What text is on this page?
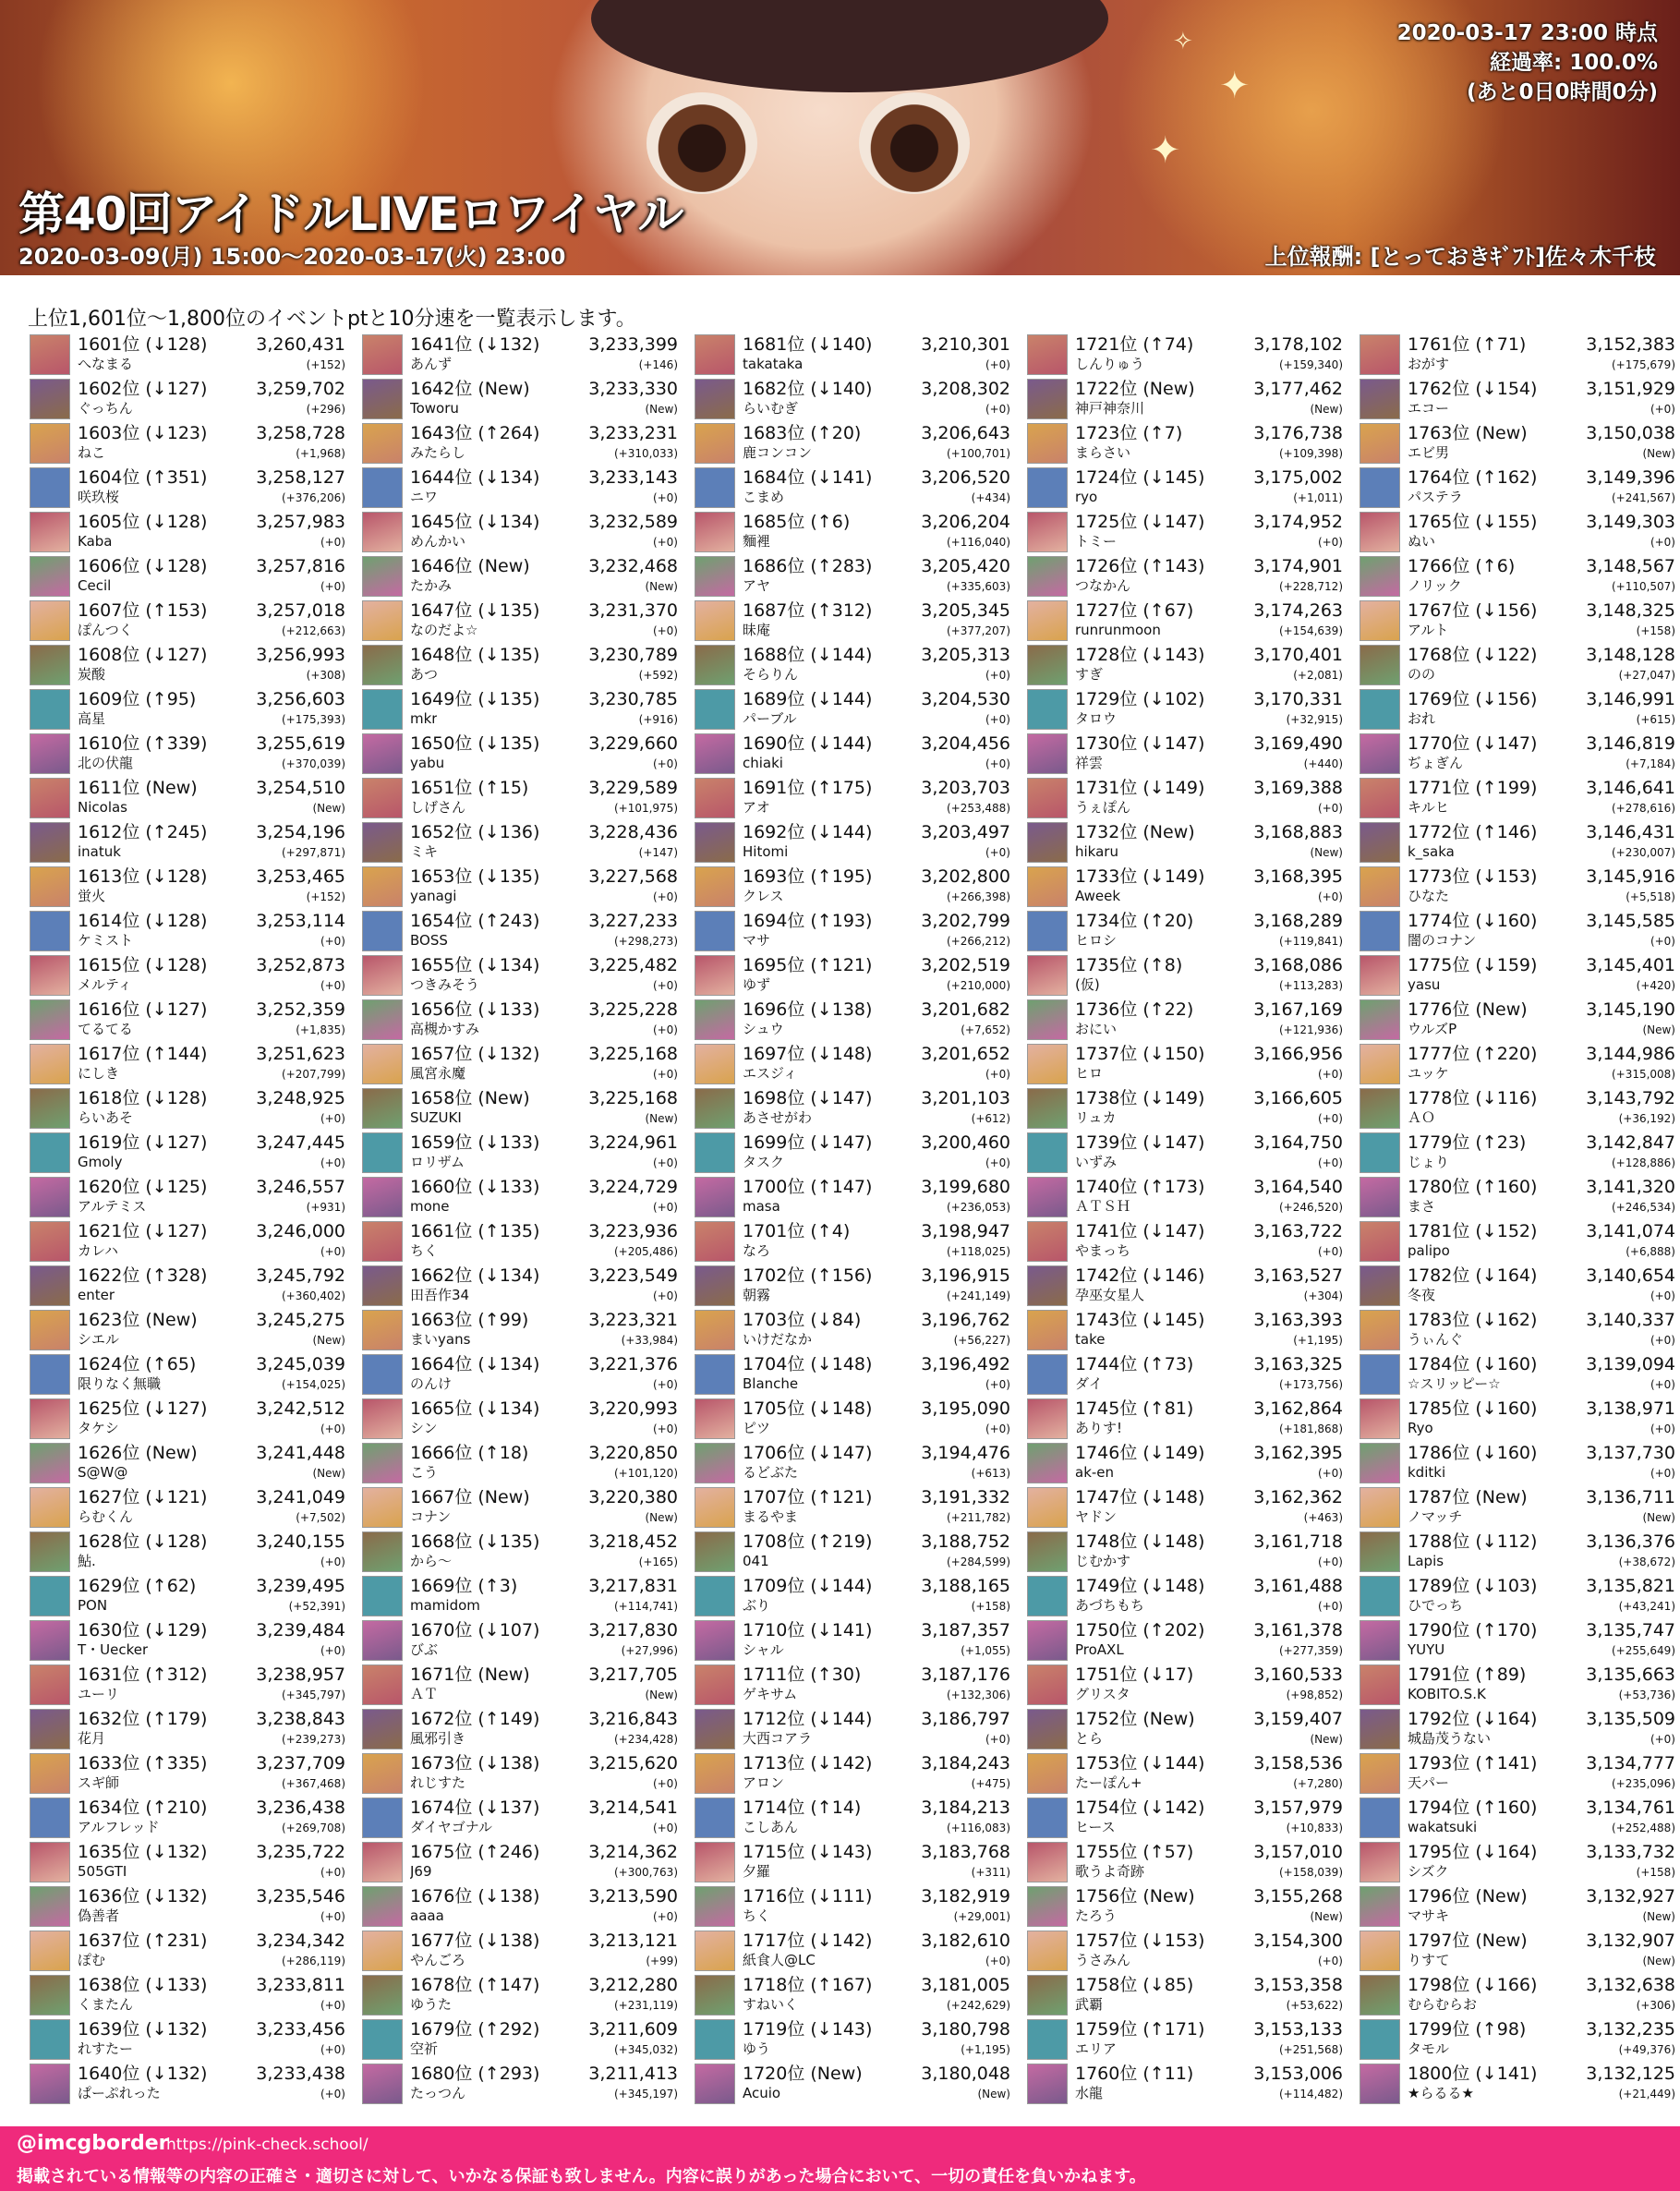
✦
✦
✧	2020-03-17 23:00 時点
経過率: 100.0%
(あと0日0時間0分)
第40回アイドルLIVEロワイヤル
2020-03-09(月) 15:00～2020-03-17(火) 23:00	上位報酬: [とっておきｷﾞﾌﾄ]佐々木千枝
上位1,601位～1,800位のイベントptと10分速を一覧表示します。
1601位 (↓128)
へなまる
3,260,431
(+152)
1602位 (↓127)
ぐっちん
3,259,702
(+296)
1603位 (↓123)
ねこ
3,258,728
(+1,968)
1604位 (↑351)
咲玖桜
3,258,127
(+376,206)
1605位 (↓128)
Kaba
3,257,983
(+0)
1606位 (↓128)
Cecil
3,257,816
(+0)
1607位 (↑153)
ぽんつく
3,257,018
(+212,663)
1608位 (↓127)
炭酸
3,256,993
(+308)
1609位 (↑95)
高星
3,256,603
(+175,393)
1610位 (↑339)
北の伏龍
3,255,619
(+370,039)
1611位 (New)
Nicolas
3,254,510
(New)
1612位 (↑245)
inatuk
3,254,196
(+297,871)
1613位 (↓128)
蛍火
3,253,465
(+152)
1614位 (↓128)
ケミスト
3,253,114
(+0)
1615位 (↓128)
メルティ
3,252,873
(+0)
1616位 (↓127)
てるてる
3,252,359
(+1,835)
1617位 (↑144)
にしき
3,251,623
(+207,799)
1618位 (↓128)
らいあそ
3,248,925
(+0)
1619位 (↓127)
Gmoly
3,247,445
(+0)
1620位 (↓125)
アルテミス
3,246,557
(+931)
1621位 (↓127)
カレハ
3,246,000
(+0)
1622位 (↑328)
enter
3,245,792
(+360,402)
1623位 (New)
シエル
3,245,275
(New)
1624位 (↑65)
限りなく無職
3,245,039
(+154,025)
1625位 (↓127)
タケシ
3,242,512
(+0)
1626位 (New)
S@W@
3,241,448
(New)
1627位 (↓121)
らむくん
3,241,049
(+7,502)
1628位 (↓128)
鮎.
3,240,155
(+0)
1629位 (↑62)
PON
3,239,495
(+52,391)
1630位 (↓129)
T・Uecker
3,239,484
(+0)
1631位 (↑312)
ユーリ
3,238,957
(+345,797)
1632位 (↑179)
花月
3,238,843
(+239,273)
1633位 (↑335)
スギ師
3,237,709
(+367,468)
1634位 (↑210)
アルフレッド
3,236,438
(+269,708)
1635位 (↓132)
505GTI
3,235,722
(+0)
1636位 (↓132)
偽善者
3,235,546
(+0)
1637位 (↑231)
ぽむ
3,234,342
(+286,119)
1638位 (↓133)
くまたん
3,233,811
(+0)
1639位 (↓132)
れすたー
3,233,456
(+0)
1640位 (↓132)
ぱーぷれった
3,233,438
(+0)
1641位 (↓132)
あんず
3,233,399
(+146)
1642位 (New)
Toworu
3,233,330
(New)
1643位 (↑264)
みたらし
3,233,231
(+310,033)
1644位 (↓134)
ニワ
3,233,143
(+0)
1645位 (↓134)
めんかい
3,232,589
(+0)
1646位 (New)
たかみ
3,232,468
(New)
1647位 (↓135)
なのだよ☆
3,231,370
(+0)
1648位 (↓135)
あつ
3,230,789
(+592)
1649位 (↓135)
mkr
3,230,785
(+916)
1650位 (↓135)
yabu
3,229,660
(+0)
1651位 (↑15)
しげさん
3,229,589
(+101,975)
1652位 (↓136)
ミキ
3,228,436
(+147)
1653位 (↓135)
yanagi
3,227,568
(+0)
1654位 (↑243)
BOSS
3,227,233
(+298,273)
1655位 (↓134)
つきみそう
3,225,482
(+0)
1656位 (↓133)
高槻かすみ
3,225,228
(+0)
1657位 (↓132)
風宮永魔
3,225,168
(+0)
1658位 (New)
SUZUKI
3,225,168
(New)
1659位 (↓133)
ロリザム
3,224,961
(+0)
1660位 (↓133)
mone
3,224,729
(+0)
1661位 (↑135)
ちく
3,223,936
(+205,486)
1662位 (↓134)
田吾作34
3,223,549
(+0)
1663位 (↑99)
まいyans
3,223,321
(+33,984)
1664位 (↓134)
のんけ
3,221,376
(+0)
1665位 (↓134)
シン
3,220,993
(+0)
1666位 (↑18)
こう
3,220,850
(+101,120)
1667位 (New)
コナン
3,220,380
(New)
1668位 (↓135)
から～
3,218,452
(+165)
1669位 (↑3)
mamidom
3,217,831
(+114,741)
1670位 (↓107)
びぶ
3,217,830
(+27,996)
1671位 (New)
ＡＴ
3,217,705
(New)
1672位 (↑149)
風邪引き
3,216,843
(+234,428)
1673位 (↓138)
れじすた
3,215,620
(+0)
1674位 (↓137)
ダイヤゴナル
3,214,541
(+0)
1675位 (↑246)
J69
3,214,362
(+300,763)
1676位 (↓138)
aaaa
3,213,590
(+0)
1677位 (↓138)
やんごろ
3,213,121
(+99)
1678位 (↑147)
ゆうた
3,212,280
(+231,119)
1679位 (↑292)
空祈
3,211,609
(+345,032)
1680位 (↑293)
たっつん
3,211,413
(+345,197)
1681位 (↓140)
takataka
3,210,301
(+0)
1682位 (↓140)
らいむぎ
3,208,302
(+0)
1683位 (↑20)
鹿コンコン
3,206,643
(+100,701)
1684位 (↓141)
こまめ
3,206,520
(+434)
1685位 (↑6)
麵裡
3,206,204
(+116,040)
1686位 (↑283)
アヤ
3,205,420
(+335,603)
1687位 (↑312)
昧庵
3,205,345
(+377,207)
1688位 (↓144)
そらりん
3,205,313
(+0)
1689位 (↓144)
パーブル
3,204,530
(+0)
1690位 (↓144)
chiaki
3,204,456
(+0)
1691位 (↑175)
アオ
3,203,703
(+253,488)
1692位 (↓144)
Hitomi
3,203,497
(+0)
1693位 (↑195)
クレス
3,202,800
(+266,398)
1694位 (↑193)
マサ
3,202,799
(+266,212)
1695位 (↑121)
ゆず
3,202,519
(+210,000)
1696位 (↓138)
シュウ
3,201,682
(+7,652)
1697位 (↓148)
エスジィ
3,201,652
(+0)
1698位 (↓147)
あさせがわ
3,201,103
(+612)
1699位 (↓147)
タスク
3,200,460
(+0)
1700位 (↑147)
masa
3,199,680
(+236,053)
1701位 (↑4)
なろ
3,198,947
(+118,025)
1702位 (↑156)
朝霧
3,196,915
(+241,149)
1703位 (↓84)
いけだなか
3,196,762
(+56,227)
1704位 (↓148)
Blanche
3,196,492
(+0)
1705位 (↓148)
ピツ
3,195,090
(+0)
1706位 (↓147)
るどぶた
3,194,476
(+613)
1707位 (↑121)
まるやま
3,191,332
(+211,782)
1708位 (↑219)
041
3,188,752
(+284,599)
1709位 (↓144)
ぶり
3,188,165
(+158)
1710位 (↓141)
シャル
3,187,357
(+1,055)
1711位 (↑30)
ゲキサム
3,187,176
(+132,306)
1712位 (↓144)
大西コアラ
3,186,797
(+0)
1713位 (↓142)
アロン
3,184,243
(+475)
1714位 (↑14)
こしあん
3,184,213
(+116,083)
1715位 (↓143)
夕羅
3,183,768
(+311)
1716位 (↓111)
ちく
3,182,919
(+29,001)
1717位 (↓142)
紙食人@LC
3,182,610
(+0)
1718位 (↑167)
すねいく
3,181,005
(+242,629)
1719位 (↓143)
ゆう
3,180,798
(+1,195)
1720位 (New)
Acuio
3,180,048
(New)
1721位 (↑74)
しんりゅう
3,178,102
(+159,340)
1722位 (New)
神戸神奈川
3,177,462
(New)
1723位 (↑7)
まらさい
3,176,738
(+109,398)
1724位 (↓145)
ryo
3,175,002
(+1,011)
1725位 (↓147)
トミー
3,174,952
(+0)
1726位 (↑143)
つなかん
3,174,901
(+228,712)
1727位 (↑67)
runrunmoon
3,174,263
(+154,639)
1728位 (↓143)
すぎ
3,170,401
(+2,081)
1729位 (↓102)
タロウ
3,170,331
(+32,915)
1730位 (↓147)
祥雲
3,169,490
(+440)
1731位 (↓149)
うぇぽん
3,169,388
(+0)
1732位 (New)
hikaru
3,168,883
(New)
1733位 (↓149)
Aweek
3,168,395
(+0)
1734位 (↑20)
ヒロシ
3,168,289
(+119,841)
1735位 (↑8)
(仮)
3,168,086
(+113,283)
1736位 (↑22)
おにい
3,167,169
(+121,936)
1737位 (↓150)
ヒロ
3,166,956
(+0)
1738位 (↓149)
リュカ
3,166,605
(+0)
1739位 (↓147)
いずみ
3,164,750
(+0)
1740位 (↑173)
ＡＴＳＨ
3,164,540
(+246,520)
1741位 (↓147)
やまっち
3,163,722
(+0)
1742位 (↓146)
孕巫女星人
3,163,527
(+304)
1743位 (↓145)
take
3,163,393
(+1,195)
1744位 (↑73)
ダイ
3,163,325
(+173,756)
1745位 (↑81)
ありす!
3,162,864
(+181,868)
1746位 (↓149)
ak-en
3,162,395
(+0)
1747位 (↓148)
ヤドン
3,162,362
(+463)
1748位 (↓148)
じむかす
3,161,718
(+0)
1749位 (↓148)
あづちもち
3,161,488
(+0)
1750位 (↑202)
ProAXL
3,161,378
(+277,359)
1751位 (↓17)
グリスタ
3,160,533
(+98,852)
1752位 (New)
とら
3,159,407
(New)
1753位 (↓144)
たーぽん+
3,158,536
(+7,280)
1754位 (↓142)
ヒース
3,157,979
(+10,833)
1755位 (↑57)
歌うよ奇跡
3,157,010
(+158,039)
1756位 (New)
たろう
3,155,268
(New)
1757位 (↓153)
うさみん
3,154,300
(+0)
1758位 (↓85)
武覇
3,153,358
(+53,622)
1759位 (↑171)
エリア
3,153,133
(+251,568)
1760位 (↑11)
水龍
3,153,006
(+114,482)
1761位 (↑71)
おがす
3,152,383
(+175,679)
1762位 (↓154)
エコー
3,151,929
(+0)
1763位 (New)
エビ男
3,150,038
(New)
1764位 (↑162)
パステラ
3,149,396
(+241,567)
1765位 (↓155)
ぬい
3,149,303
(+0)
1766位 (↑6)
ノリック
3,148,567
(+110,507)
1767位 (↓156)
アルト
3,148,325
(+158)
1768位 (↓122)
のの
3,148,128
(+27,047)
1769位 (↓156)
おれ
3,146,991
(+615)
1770位 (↓147)
ぢょぎん
3,146,819
(+7,184)
1771位 (↑199)
キルヒ
3,146,641
(+278,616)
1772位 (↑146)
k_saka
3,146,431
(+230,007)
1773位 (↓153)
ひなた
3,145,916
(+5,518)
1774位 (↓160)
闇のコナン
3,145,585
(+0)
1775位 (↓159)
yasu
3,145,401
(+420)
1776位 (New)
ウルズP
3,145,190
(New)
1777位 (↑220)
ユッケ
3,144,986
(+315,008)
1778位 (↓116)
ＡＯ
3,143,792
(+36,192)
1779位 (↑23)
じょり
3,142,847
(+128,886)
1780位 (↑160)
まさ
3,141,320
(+246,534)
1781位 (↓152)
palipo
3,141,074
(+6,888)
1782位 (↓164)
冬夜
3,140,654
(+0)
1783位 (↓162)
うぃんぐ
3,140,337
(+0)
1784位 (↓160)
☆スリッピー☆
3,139,094
(+0)
1785位 (↓160)
Ryo
3,138,971
(+0)
1786位 (↓160)
kditki
3,137,730
(+0)
1787位 (New)
ノマッチ
3,136,711
(New)
1788位 (↓112)
Lapis
3,136,376
(+38,672)
1789位 (↓103)
ひでっち
3,135,821
(+43,241)
1790位 (↑170)
YUYU
3,135,747
(+255,649)
1791位 (↑89)
KOBITO.S.K
3,135,663
(+53,736)
1792位 (↓164)
城島茂うない
3,135,509
(+0)
1793位 (↑141)
天パー
3,134,777
(+235,096)
1794位 (↑160)
wakatsuki
3,134,761
(+252,488)
1795位 (↓164)
シズク
3,133,732
(+158)
1796位 (New)
マサキ
3,132,927
(New)
1797位 (New)
りすて
3,132,907
(New)
1798位 (↓166)
むらむらお
3,132,638
(+306)
1799位 (↑98)
タモル
3,132,235
(+49,376)
1800位 (↓141)
★らるる★
3,132,125
(+21,449)
@imcgborder
https://pink-check.school/
掲載されている情報等の内容の正確さ・適切さに対して、いかなる保証も致しません。内容に誤りがあった場合において、一切の責任を負いかねます。
